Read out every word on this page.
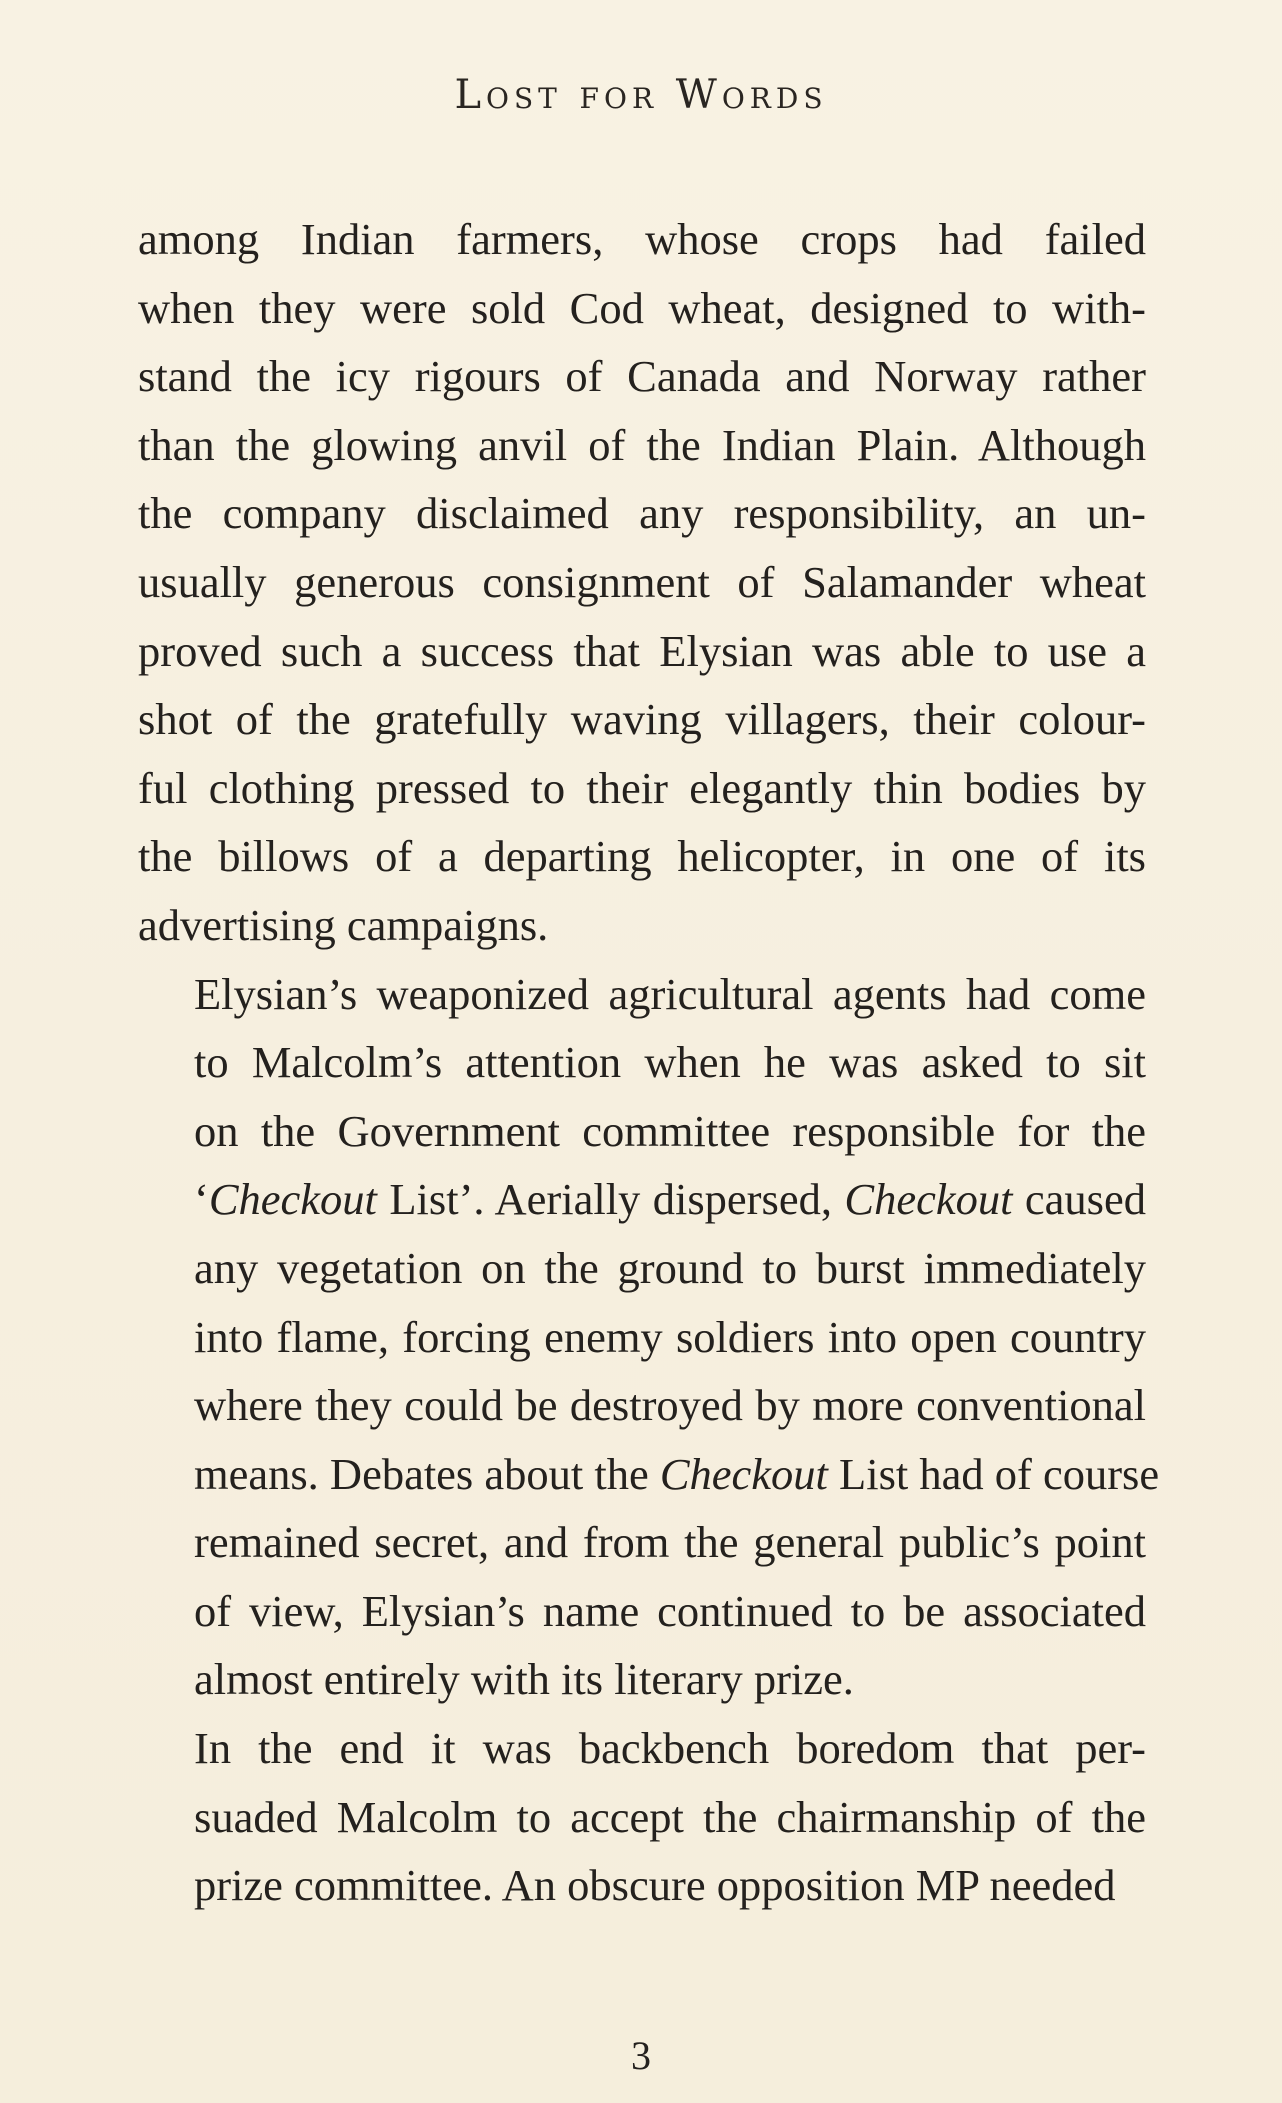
Lost for Words

among Indian farmers, whose crops had failed
when they were sold Cod wheat, designed to with-
stand the icy rigours of Canada and Norway rather
than the glowing anvil of the Indian Plain. Although
the company disclaimed any responsibility, an un-
usually generous consignment of Salamander wheat
proved such a success that Elysian was able to use a
shot of the gratefully waving villagers, their colour-
ful clothing pressed to their elegantly thin bodies by
the billows of a departing helicopter, in one of its
advertising campaigns.

Elysian’s weaponized agricultural agents had come
to Malcolm’s attention when he was asked to sit
on the Government committee responsible for the
‘Checkout List’. Aerially dispersed, Checkout caused
any vegetation on the ground to burst immediately
into flame, forcing enemy soldiers into open country
where they could be destroyed by more conventional
means. Debates about the Checkout List had of course
remained secret, and from the general public’s point
of view, Elysian’s name continued to be associated
almost entirely with its literary prize.

In the end it was backbench boredom that per-
suaded Malcolm to accept the chairmanship of the
prize committee. An obscure opposition MP needed

3
